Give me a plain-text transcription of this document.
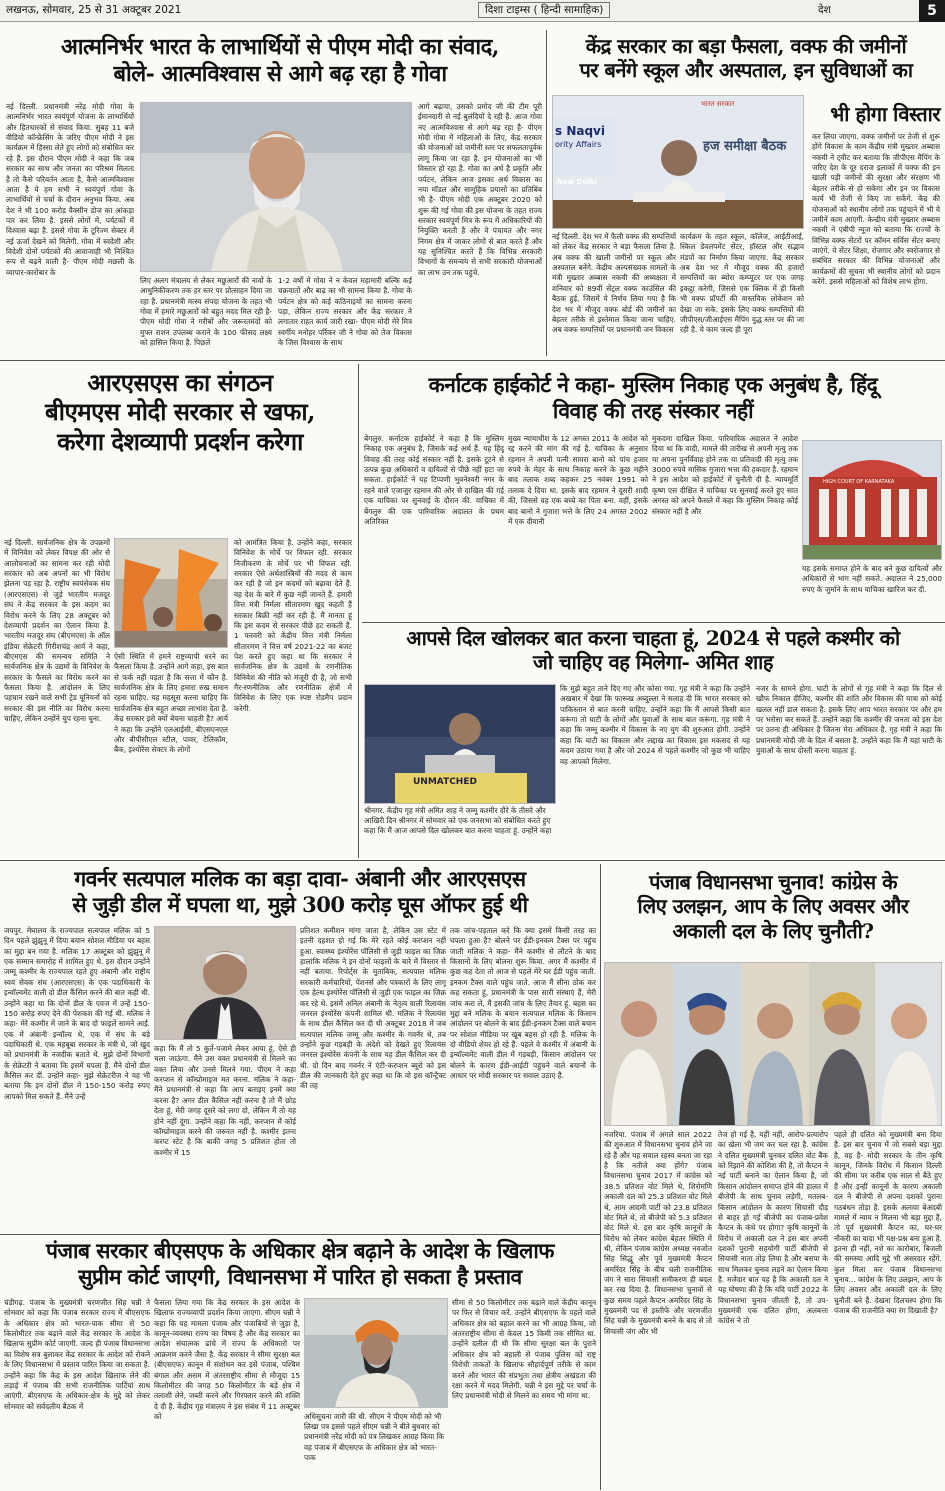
लखनऊ, सोमवार, 25 से 31 अक्टूबर 2021	दिशा टाइम्स ( हिन्दी सामाहिक)	देश	5
आत्मनिर्भर भारत के लाभार्थियों से पीएम मोदी का संवाद,
बोले- आत्मविश्वास से आगे बढ़ रहा है गोवा
नई दिल्ली. प्रधानमंत्री नरेंद्र मोदी गोवा के आत्मनिर्भर भारत स्वयंपूर्ण योजना के लाभार्थियों और हितधारकों से संवाद किया. सुबह 11 बजे वीडियो कॉन्फ्रेंसिंग के जरिए पीएम मोदी ने इस कार्यक्रम में हिस्सा लेते हुए लोगों को संबोधित कर रहे हैं. इस दौरान पीएम मोदी ने कहा कि जब सरकार का साथ और जनता का परिश्रम मिलता है तो कैसे परिवर्तन आता है, कैसे आत्मविश्वास आता है ये हम सभी ने स्वयंपूर्ण गोवा के लाभार्थियों से चर्चा के दौरान अनुभव किया. अब देश ने भी 100 करोड़ वैक्सीन डोज का आंकड़ा पार कर लिया है. इससे लोगों में, पर्यटकों में विश्वास बढ़ा है. इससे गोवा के टूरिज्म सेक्टर में नई ऊर्जा देखने को मिलेगी. गोवा में स्वदेशी और विदेशी दोनों पर्यटकों की आवाजाही भी निश्चित रूप से बढ़ने वाली है- पीएम मोदी मछली के व्यापार-कारोबार के
लिए अलग मंत्रालय से लेकर मछुआरों की नावों के आधुनिकीकरण तक हर स्तर पर प्रोत्साहन दिया जा रहा है. प्रधानमंत्री मत्स्य संपदा योजना के तहत भी गोवा में हमारे मछुआरों को बहुत मदद मिल रही है- पीएम मोदी गोवा ने गरीबों और जरूरतमंदों को मुफ्त राशन उपलब्ध कराने के 100 फीसद लक्ष्य को हासिल किया है. पिछले
1-2 वर्षों में गोवा ने न केवल महामारी बल्कि कई चक्रवातों और बाढ़ का भी सामना किया है. गोवा के पर्यटन क्षेत्र को कई कठिनाइयों का सामना करना पड़ा, लेकिन राज्य सरकार और केंद्र सरकार ने लगातार राहत कार्य जारी रखा- पीएम मोदी मेरे मित्र स्वर्गीय मनोहर पर्रिकर जी ने गोवा को तेज विकास के जिस विश्वास के साथ
आगे बढ़ाया, उसको प्रमोद जी की टीम पूरी ईमानदारी से नई बुलंदियों दे रही हैं. आज गोवा नए आत्मविश्वास से आगे बढ़ रहा है- पीएम मोदी गोवा में महिलाओं के लिए, केंद्र सरकार की योजनाओं को जमीनी स्तर पर सफलतापूर्वक लागू किया जा रहा है. इन योजनाओं का भी विस्तार हो रहा है. गोवा का अर्थ है प्रकृति और पर्यटन, लेकिन आज इसका अर्थ विकास का नया मॉडल और सामूहिक प्रयासों का प्रतिबिंब भी है- पीएम मोदी एक अक्टूबर 2020 को शुरू की गई गोवा की इस योजना के तहत राज्य सरकार स्वयंपूर्ण मित्र के रूप में अधिकारियों की नियुक्ति करती है और वे पंचायत और नगर निगम क्षेत्र में जाकर लोगों से बात करते हैं और यह सुनिश्चित करते हैं कि विभिन्न सरकारी विभागों के समन्वय से सभी सरकारी योजनाओं का लाभ उन तक पहुंचे.
केंद्र सरकार का बड़ा फैसला, वक्फ की जमीनों
पर बनेंगे स्कूल और अस्पताल, इन सुविधाओं का
भी होगा विस्तार
भारत सरकार
हज समीक्षा बैठक
s Naqvi
ority Affairs
New Delhi
नई दिल्ली. देश भर में फैली वक्फ की सम्पत्तियों को लेकर केंद्र सरकार ने बड़ा फैसला लिया है. अब वक्फ की खाली जमीनों पर स्कूल और अस्पताल बनेंगे. केंद्रीय अल्पसंख्यक मामलों के मंत्री मुख्तार अब्बास नकवी की अध्यक्षता में शनिवार को 89वीं सेंट्रल वक्फ काउंसिल की बैठक हुई, जिसमें ये निर्णय लिया गया है कि देश भर में मौजूद वक्फ बोर्ड की जमीनों का बेहतर तरीके से इस्तेमाल किया जाना चाहिए. अब वक्फ सम्पत्तियों पर प्रधानमंत्री जन विकास
कार्यक्रम के तहत स्कूल, कॉलेज, आईटीआई, स्किल डेवलपमेंट सेंटर, हॉस्टल और सद्भाव मंडपों का निर्माण किया जाएगा. केंद्र सरकार अब देश भर में मौजूद वक्फ की हजारों सम्पत्तियों का ब्योरा कम्प्यूटर पर एक जगह इकट्ठा करेगी, जिससे एक क्लिक में ही किसी भी वक्फ प्रॉपर्टी की वास्तविक लोकेशन को देखा जा सके. इसके लिए वक्फ सम्पत्तियों की जीपीएस/जीआईएस मैपिंग युद्ध स्तर पर की जा रही है. ये काम जल्द ही पूरा
कर लिया जाएगा. वक्फ जमीनों पर तेजी से शुरू होंगे विकास के काम केंद्रीय मंत्री मुख्तार अब्बास नकवी ने ट्वीट कर बताया कि जीपीएस मैपिंग के जरिए देश के दूर दराज इलाकों में वक्फ की इन खाली पड़ी जमीनों की सुरक्षा और संरक्षण भी बेहतर तरीके से हो सकेगा और इन पर विकास कार्य भी तेजी से किए जा सकेंगे. केंद्र की योजनाओं को स्थानीय लोगों तक पहुंचाने में भी ये जमीनें काम आएगी. केन्द्रीय मंत्री मुख्तार अब्बास नकवी ने एबीपी न्यूज को बताया कि राज्यों के विभिन्न वक्फ सेंटरों पर कॉमन सर्विस सेंटर बनाए जाएंगे. ये सेंटर शिक्षा, रोजगार और स्वरोजगार से संबंधित सरकार की विभिन्न योजनाओं और कार्यक्रमों की सूचना भी स्थानीय लोगों को प्रदान करेंगे. इससे महिलाओं को विशेष लाभ होगा.
आरएसएस का संगठन
बीएमएस मोदी सरकार से खफा,
करेगा देशव्यापी प्रदर्शन करेगा
नई दिल्ली. सार्वजनिक क्षेत्र के उपक्रमों में विनिवेश को लेकर विपक्ष की ओर से आलोचनाओं का सामना कर रही मोदी सरकार को अब अपनों का भी विरोध झेलना पड़ रहा है. राष्ट्रीय स्वयंसेवक संघ (आरएसएस) से जुड़े भारतीय मजदूर संघ ने केंद्र सरकार के इस कदम का विरोध करने के लिए 28 अक्टूबर को देशव्यापी प्रदर्शन का ऐलान किया है. भारतीय मजदूर संघ (बीएमएस) के ऑल इंडिया सेक्रेटरी गिरीशचंद्र आर्य ने कहा, बीएमएस की समन्वय समिति ने सार्वजनिक क्षेत्र के उद्यमों के विनिवेश के सरकार के फैसले का विरोध करने का फैसला किया है. आंदोलन के लिए पहचान रखने वाले सभी ट्रेड यूनियनों को सरकार की इस नीति का विरोध करना चाहिए, लेकिन उन्होंने चुप रहना चुना.
ऐसी स्थिति में हमने राष्ट्रव्यापी धरने का फैसला किया है. उन्होंने आगे कहा, इस बात से फर्क नहीं पड़ता है कि सत्ता में कौन है. सार्वजनिक क्षेत्र के लिए हमारा रुख समान रहना चाहिए. यह महसूस करना चाहिए कि सार्वजनिक क्षेत्र बहुत अच्छा लाभांश देता है. केंद्र सरकार इसे क्यों बेचना चाहती है? आर्य ने कहा कि उन्होंने एलआईसी, बीएसएनएल और बीपीसीएल स्टील, पावर, टेलिकॉम, बैंक, इंश्योरेंस सेक्टर के लोगों
को आमंत्रित किया है. उन्होंने कहा, सरकार विनिवेश के मोर्चे पर विफल रही. सरकार निजीकरण के मोर्चे पर भी विफल रही. सरकार ऐसे अर्थशास्त्रियों की मदद से काम कर रही है जो इन कदमों को बढ़ावा देते हैं. वह देश के बारे में कुछ नहीं जानते हैं. हमारी वित्त मंत्री निर्मला सीतारमण खुद कहती हैं सरकार बिक्री नहीं कर रही है. मैं मानता हूं कि इस कदम से सरकार पीछे हट सकती है. 1 फरवरी को केंद्रीय वित्त मंत्री निर्मला सीतारमण ने वित्त वर्ष 2021-22 का बजट पेश करते हुए कहा था कि सरकार ने सार्वजनिक क्षेत्र के उद्यमों के रणनीतिक विनिवेश की नीति को मंजूरी दी है, जो सभी गैर-रणनीतिक और रणनीतिक क्षेत्रों में विनिवेश के लिए एक स्पष्ट रोडमैप प्रदान करेगी.
कर्नाटक हाईकोर्ट ने कहा- मुस्लिम निकाह एक अनुबंध है, हिंदू
विवाह की तरह संस्कार नहीं
बेंगलुरु. कर्नाटक हाईकोर्ट ने कहा है कि मुस्लिम निकाह एक अनुबंध है, जिसके कई अर्थ हैं. यह हिंदू विवाह की तरह कोई संस्कार नहीं है. इसके टूटने से उत्पन्न कुछ अधिकारों व दायित्वों से पीछे नहीं हटा जा सकता. हाईकोर्ट ने यह टिप्पणी भुवनेश्वरी नगर के रहने वाले एजाजुर रहमान की ओर से दाखिल की गई एक याचिका पर सुनवाई के दौरान की. याचिका में बेंगलुरु की एक पारिवारिक अदालत के प्रथम अतिरिक्त
मुख्य न्यायाधीश के 12 अगस्त 2011 के आदेश को रद्द करने की मांग की गई है. याचिका के अनुसार रहमान ने अपनी पत्नी सायरा बानो को पांच हजार रुपये के मेहर के साथ निकाह करने के कुछ महीने बाद तलाक शब्द कहकर 25 नवंबर 1991 को तलाक दे दिया था. इसके बाद रहमान ने दूसरी शादी की, जिससे वह एक बच्चे का पिता बना. वहीं, इसके बाद बानो ने गुजारा भत्ते के लिए 24 अगस्त 2002 में एक दीवानी
मुकदमा दाखिल किया. पारिवारिक अदालत ने आदेश दिया था कि वादी, मामले की तारीख से अपनी मृत्यु तक या अपना पुनर्विवाह होने तक या प्रतिवादी की मृत्यु तक 3000 रुपये मासिक गुजारा भत्ता की हकदार है. रहमान ने इस आदेश को हाईकोर्ट में चुनौती दी है. न्यायमूर्ति कृष्ण एस दीक्षित ने याचिका पर सुनवाई करते हुए सात अगस्त को अपने फैसले में कहा कि मुस्लिम निकाह कोई संस्कार नहीं है और
HIGH COURT OF KARNATAKA
यह इसके समाप्त होने के बाद बने कुछ दायित्वों और अधिकारों से भाग नहीं सकते. अदालत ने 25,000 रुपए के जुर्माने के साथ याचिका खारिज कर दी.
आपसे दिल खोलकर बात करना चाहता हूं, 2024 से पहले कश्मीर को
जो चाहिए वह मिलेगा- अमित शाह
UNMATCHED
श्रीनगर. केंद्रीय गृह मंत्री अमित शाह ने जम्मू कश्मीर दौरे के तीसरे और आखिरी दिन श्रीनगर में सोमवार को एक जनसभा को संबोधित करते हुए कहा कि मैं आज आपसे दिल खोलकर बात करना चाहता हूं. उन्होंने कहा
कि मुझे बहुत ताने दिए गए और कोसा गया. गृह मंत्री ने कहा कि उन्होंने अखबार में देखा कि फारूख अब्दुल्ला ने सलाह दी कि भारत सरकार को पाकिस्तान से बात करनी चाहिए. उन्होंने कहा कि मैं आपसे किसी बात करूंगा तो घाटी के लोगों और युवाओं के साथ बात करूंगा. गृह मंत्री ने कहा कि जम्मू कश्मीर में विकास के नए युग की शुरुआत होगी. उन्होंने कहा कि घाटी का विकास और लद्दाख का विकास इस मकसद से यह कदम उठाया गया है और जो 2024 से पहले कश्मीर जो कुछ भी चाहिए वह आपको मिलेगा.
नजर के सामने होगा. घाटी के लोगों से गृह मंत्री ने कहा कि दिल से खौफ निकाल दीजिए, कश्मीर की शांति और विकास की यात्रा को कोई खलल नहीं डाल सकता है. इसके लिए आप भारत सरकार पर और हम पर भरोसा कर सकते हैं. उन्होंने कहा कि कश्मीर की जनता को इस देश पर उतना ही अधिकार है जितना मेरा अधिकार है. गृह मंत्री ने कहा कि प्रधानमंत्री मोदी जी के दिल में बसता है. उन्होंने कहा कि मैं यहां घाटी के युवाओं के साथ दोस्ती करना चाहता हूं.
गवर्नर सत्यपाल मलिक का बड़ा दावा- अंबानी और आरएसएस
से जुड़ी डील में घपला था, मुझे 300 करोड़ घूस ऑफर हुई थी
जयपुर. मेघालय के राज्यपाल सत्यपाल मलिक को 5 दिन पहले झुंझुनू में दिया बयान सोशल मीडिया पर बहस का मुद्दा बन गया है. मलिक 17 अक्टूबर को झुंझुनू में एक सम्मान समारोह में शामिल हुए थे. इस दौरान उन्होंने जम्मू कश्मीर के राज्यपाल रहते हुए अंबानी और राष्ट्रीय स्वयं सेवक संघ (आरएसएस) के एक पदाधिकारी के इन्वॉल्वमेंट वाली दो डील कैंसिल करने की बात कही थी. उन्होंने कहा था कि दोनों डील के एवज में उन्हें 150-150 करोड़ रुपए देने की पेशकश की गई थी. मलिक ने कहा- मेरे कश्मीर में जाने के बाद दो फाइलें सामने आईं. एक में अंबानी इन्वॉल्व थे, एक में संघ के बड़े पदाधिकारी थे. एक महबूबा सरकार के मंत्री थे, जो खुद को प्रधानमंत्री के नजदीक बताते थे. मुझे दोनों विभागों के सेक्रेटरी ने बताया कि इसमें घपला है. मैंने दोनों डील कैंसिल कर दीं. उन्होंने कहा- मुझे सेक्रेटरीज ने यह भी बताया कि इन दोनों डील में 150-150 करोड़ रुपए आपको मिल सकते हैं. मैंने उन्हें
कहा कि मैं तो 5 कुर्ते-पजामे लेकर आया हूं, ऐसे ही चला जाऊंगा. मैंने उस वक्त प्रधानमंत्री से मिलने का वक्त लिया और उनसे मिलने गया. पीएम ने कहा करप्शन से कॉम्प्रोमाइज मत करना. मलिक ने कहा- मैंने प्रधानमंत्री से कहा कि आप बताइए इनमें क्या करना है? अगर डील कैंसिल नहीं करना है तो मैं छोड़ देता हूं, मेरी जगह दूसरे को लगा दो, लेकिन मैं तो यह होने नहीं दूंगा. उन्होंने कहा कि नहीं, करप्शन में कोई कॉम्प्रोमाइज करने की जरूरत नहीं है. कश्मीर इतना करप्ट स्टेट है कि बाकी जगह 5 प्रतिशत होता तो कश्मीर में 15
प्रतिशत कमीशन मांगा जाता है, लेकिन उस स्टेट में इतनी दहशत हो गई कि मेरे रहते कोई करप्शन नहीं हुआ. स्वास्थ्य इंश्योरेंस पॉलिसी से जुड़ी फाइल का जिक्र हालांकि मलिक ने इन दोनों फाइलों के बारे में विस्तार से नहीं बताया. रिपोर्ट्स के मुताबिक, सत्यपाल मलिक सरकारी कर्मचारियों, पेंशनर्स और पत्रकारों के लिए लागू एक हेल्थ इंश्योरेंस पॉलिसी से जुड़ी एक फाइल का जिक्र कर रहे थे. इसमें अनिल अंबानी के नेतृत्व वाली रिलायंस जनरल इंश्योरेंस कंपनी शामिल थी. मलिक ने रिलायंस के साथ डील कैंसिल कर दी थी अक्टूबर 2018 में जब सत्यपाल मलिक जम्मू और कश्मीर के गवर्नर थे, तब उन्होंने कुछ गड़बड़ी के अंदेशे को देखते हुए रिलायंस जनरल इंश्योरेंस कंपनी के साथ यह डील कैंसिल कर दी थी. दो दिन बाद गवर्नर ने एंटी-करप्शन ब्यूरो को इस डील की जानकारी देते हुए कहा था कि वो इस कॉन्ट्रैक्ट की तह
तक जांच-पड़ताल करे कि क्या इसमें किसी तरह का घपला हुआ है? बोलने पर ईडी-इनकम टैक्स पर पहुंच जाती मलिक ने कहा- मैंने कश्मीर से लौटने के बाद किसानों के लिए बोलना शुरू किया. अगर मैं कश्मीर में कुछ कह देता तो आज से पहले मेरे घर ईडी पहुंच जाती. इनकम टैक्स वाले पहुंच जाते. आज मैं सीना ठोक कर कह सकता हूं, प्रधानमंत्री के पास सारी संस्थाएं हैं, मेरी जांच करा लें, मैं इसकी जांच के लिए तैयार हूं. बहस का मुद्दा बने मलिक के बयान सत्यपाल मलिक के किसान आंदोलन पर बोलने के बाद ईडी-इनकम टैक्स वाले बयान पर सोशल मीडिया पर खूब बहस हो रही है. मलिक के दो वीडियो शेयर हो रहे हैं. पहले वे कश्मीर में अंबानी के इन्वॉल्वमेंट वाली डील में गड़बड़ी, किसान आंदोलन पर बोलने के कारण ईडी-आईटी पहुंचने वाले बयानों के आधार पर मोदी सरकार पर सवाल उठाए हैं.
पंजाब विधानसभा चुनाव! कांग्रेस के
लिए उलझन, आप के लिए अवसर और
अकाली दल के लिए चुनौती?
नजरिया. पंजाब में अगले साल 2022 की शुरुआत में विधानसभा चुनाव होने जा रहे हैं और यह सवाल रहस्य बनता जा रहा है कि नतीजे क्या होंगे? पंजाब विधानसभा चुनाव 2017 में कांग्रेस को 38.5 प्रतिशत वोट मिले थे, शिरोमणि अकाली दल को 25.3 प्रतिशत वोट मिले थे, आम आदमी पार्टी को 23.8 प्रतिशत वोट मिले थे, तो बीजेपी को 5.3 प्रतिशत वोट मिले थे. इस बार कृषि कानूनों के विरोध को लेकर कांग्रेस बेहतर स्थिति में थी, लेकिन पंजाब कांग्रेस अध्यक्ष नवजोत सिंह सिद्धू और पूर्व मुख्यमंत्री कैप्टन अमरिंदर सिंह के बीच चली राजनीतिक जंग ने सारा सियासी समीकरण ही बदल कर रख दिया है. विधानसभा चुनावों से कुछ समय पहले कैप्टन अमरिंदर सिंह के मुख्यमंत्री पद से इस्तीफे और चरणजीत सिंह चन्नी के मुख्यमंत्री बनने के बाद से तो सियासी जंग और भी
तेज हो गई है, यहीं नहीं, आरोप-प्रत्यारोप का खेला भी जम कर चल रहा है. कांग्रेस ने दलित मुख्यमंत्री चुनकर दलित वोट बैंक को रिझाने की कोशिश की है, तो कैप्टन ने नई पार्टी बनाने का ऐलान किया है, जो किसान आंदोलन समाप्त होने की हालत में बीजेपी के साथ चुनाव लड़ेगी, मतलब- किसान आंदोलन के कारण सियासी दौड़ से बाहर हो गई बीजेपी का पंजाब-प्रवेश कैप्टन के कंधे पर होगा? कृषि कानूनों के विरोध में अकाली दल ने इस बार अपनी दशकों पुरानी सहयोगी पार्टी बीजेपी से सियासी नाता तोड़ लिया है और बसपा के साथ मिलकर चुनाव लड़ने का ऐलान किया है. मजेदार बात यह है कि अकाली दल ने यह घोषणा की है कि यदि पार्टी 2022 के विधानसभा चुनाव जीतती है, तो उप-मुख्यमंत्री एक दलित होगा, अलबत्ता कांग्रेस ने तो
पहले ही दलित को मुख्यमंत्री बना दिया है. इस बार चुनाव में जो सबसे बड़ा मुद्दा है, वह है- मोदी सरकार के तीन कृषि कानून, जिनके विरोध में किसान दिल्ली की सीमा पर करीब एक साल से बैठे हुए हैं और इन्हीं कानूनों के कारण अकाली दल ने बीजेपी से अपना दशकों पुराना गठबंधन तोड़ा है. इसके अलावा बेअदबी मामले में न्याय न मिलना भी बड़ा मुद्दा है, तो पूर्व मुख्यमंत्री कैप्टन का, घर-घर नौकरी का वादा भी यक्ष-प्रश्न बना हुआ है. इतना ही नहीं, नशे का कारोबार, बिजली की समस्या आदि मुद्दे भी असरदार रहेंगे. कुल मिला कर पंजाब विधानसभा चुनाव... कांग्रेस के लिए उलझन, आप के लिए अवसर और अकाली दल के लिए चुनौती बने हैं. देखना दिलचस्प होगा कि पंजाब की राजनीति क्या रंग दिखाती है?
पंजाब सरकार बीएसएफ के अधिकार क्षेत्र बढ़ाने के आदेश के खिलाफ
सुप्रीम कोर्ट जाएगी, विधानसभा में पारित हो सकता है प्रस्ताव
चंडीगढ़. पंजाब के मुख्यमंत्री चरणजीत सिंह चन्नी ने सोमवार को कहा कि पंजाब सरकार राज्य में बीएसएफ के अधिकार क्षेत्र को भारत-पाक सीमा से 50 किलोमीटर तक बढ़ाने वाले केंद्र सरकार के आदेश के खिलाफ सुप्रीम कोर्ट जाएगी. जल्द ही पंजाब विधानसभा का विशेष सत्र बुलाकर केंद्र सरकार के आदेश को रोकने के लिए विधानसभा में प्रस्ताव पारित किया जा सकता है. उन्होंने कहा कि केंद्र के इस आदेश खिलाफ लेने की लड़ाई में पंजाब की सभी राजनीतिक पार्टियां साथ आएंगी. बीएसएफ के अधिकार-क्षेत्र के मुद्दे को लेकर सोमवार को सर्वदलीय बैठक में
फैसला लिया गया कि केंद्र सरकार के इस आदेश के खिलाफ राज्यव्यापी प्रदर्शन किया जाएगा. सीएम चन्नी ने कहा कि यह मामला पंजाब और पंजाबियों से जुड़ा है, कानून-व्यवस्था राज्य का विषय है और केंद्र सरकार का आदेश संघात्मक ढांचे में राज्य के अधिकारों पर आक्रमण करने जैसा है. केंद्र सरकार ने सीमा सुरक्षा बल (बीएसएफ) कानून में संशोधन कर इसे पंजाब, पश्चिम बंगाल और असम में अंतरराष्ट्रीय सीमा से मौजूदा 15 किलोमीटर की जगह 50 किलोमीटर के बड़े क्षेत्र में तलाशी लेने, जब्ती करने और गिरफ्तार करने की शक्ति दे दी है. केंद्रीय गृह मंत्रालय ने इस संबंध में 11 अक्टूबर को	अधिसूचना जारी की थी. सीएम ने पीएम मोदी को भी लिखा पत्र इससे पहले सीएम चन्नी ने बीते बुधवार को प्रधानमंत्री नरेंद्र मोदी को पत्र लिखकर आग्रह किया कि वह पंजाब में बीएसएफ के अधिकार क्षेत्र को भारत-पाक
सीमा से 50 किलोमीटर तक बढ़ाने वाले केंद्रीय कानून पर फिर से विचार करें. उन्होंने बीएसएफ के पहले वाले अधिकार क्षेत्र को बहाल करने का भी आग्रह किया, जो अंतरराष्ट्रीय सीमा से केवल 15 किमी तक सीमित था. उन्होंने दलील दी थी कि सीमा सुरक्षा बल के पुराने अधिकार क्षेत्र को बहाली से पंजाब पुलिस को राष्ट्र विरोधी ताकतों के खिलाफ सौहार्दपूर्ण तरीके से काम करने और भारत की संप्रभुता तथा क्षेत्रीय अखंडता की रक्षा करने में मदद मिलेगी. चन्नी ने इस मुद्दे पर चर्चा के लिए प्रधानमंत्री मोदी से मिलने का समय भी मांगा था.
